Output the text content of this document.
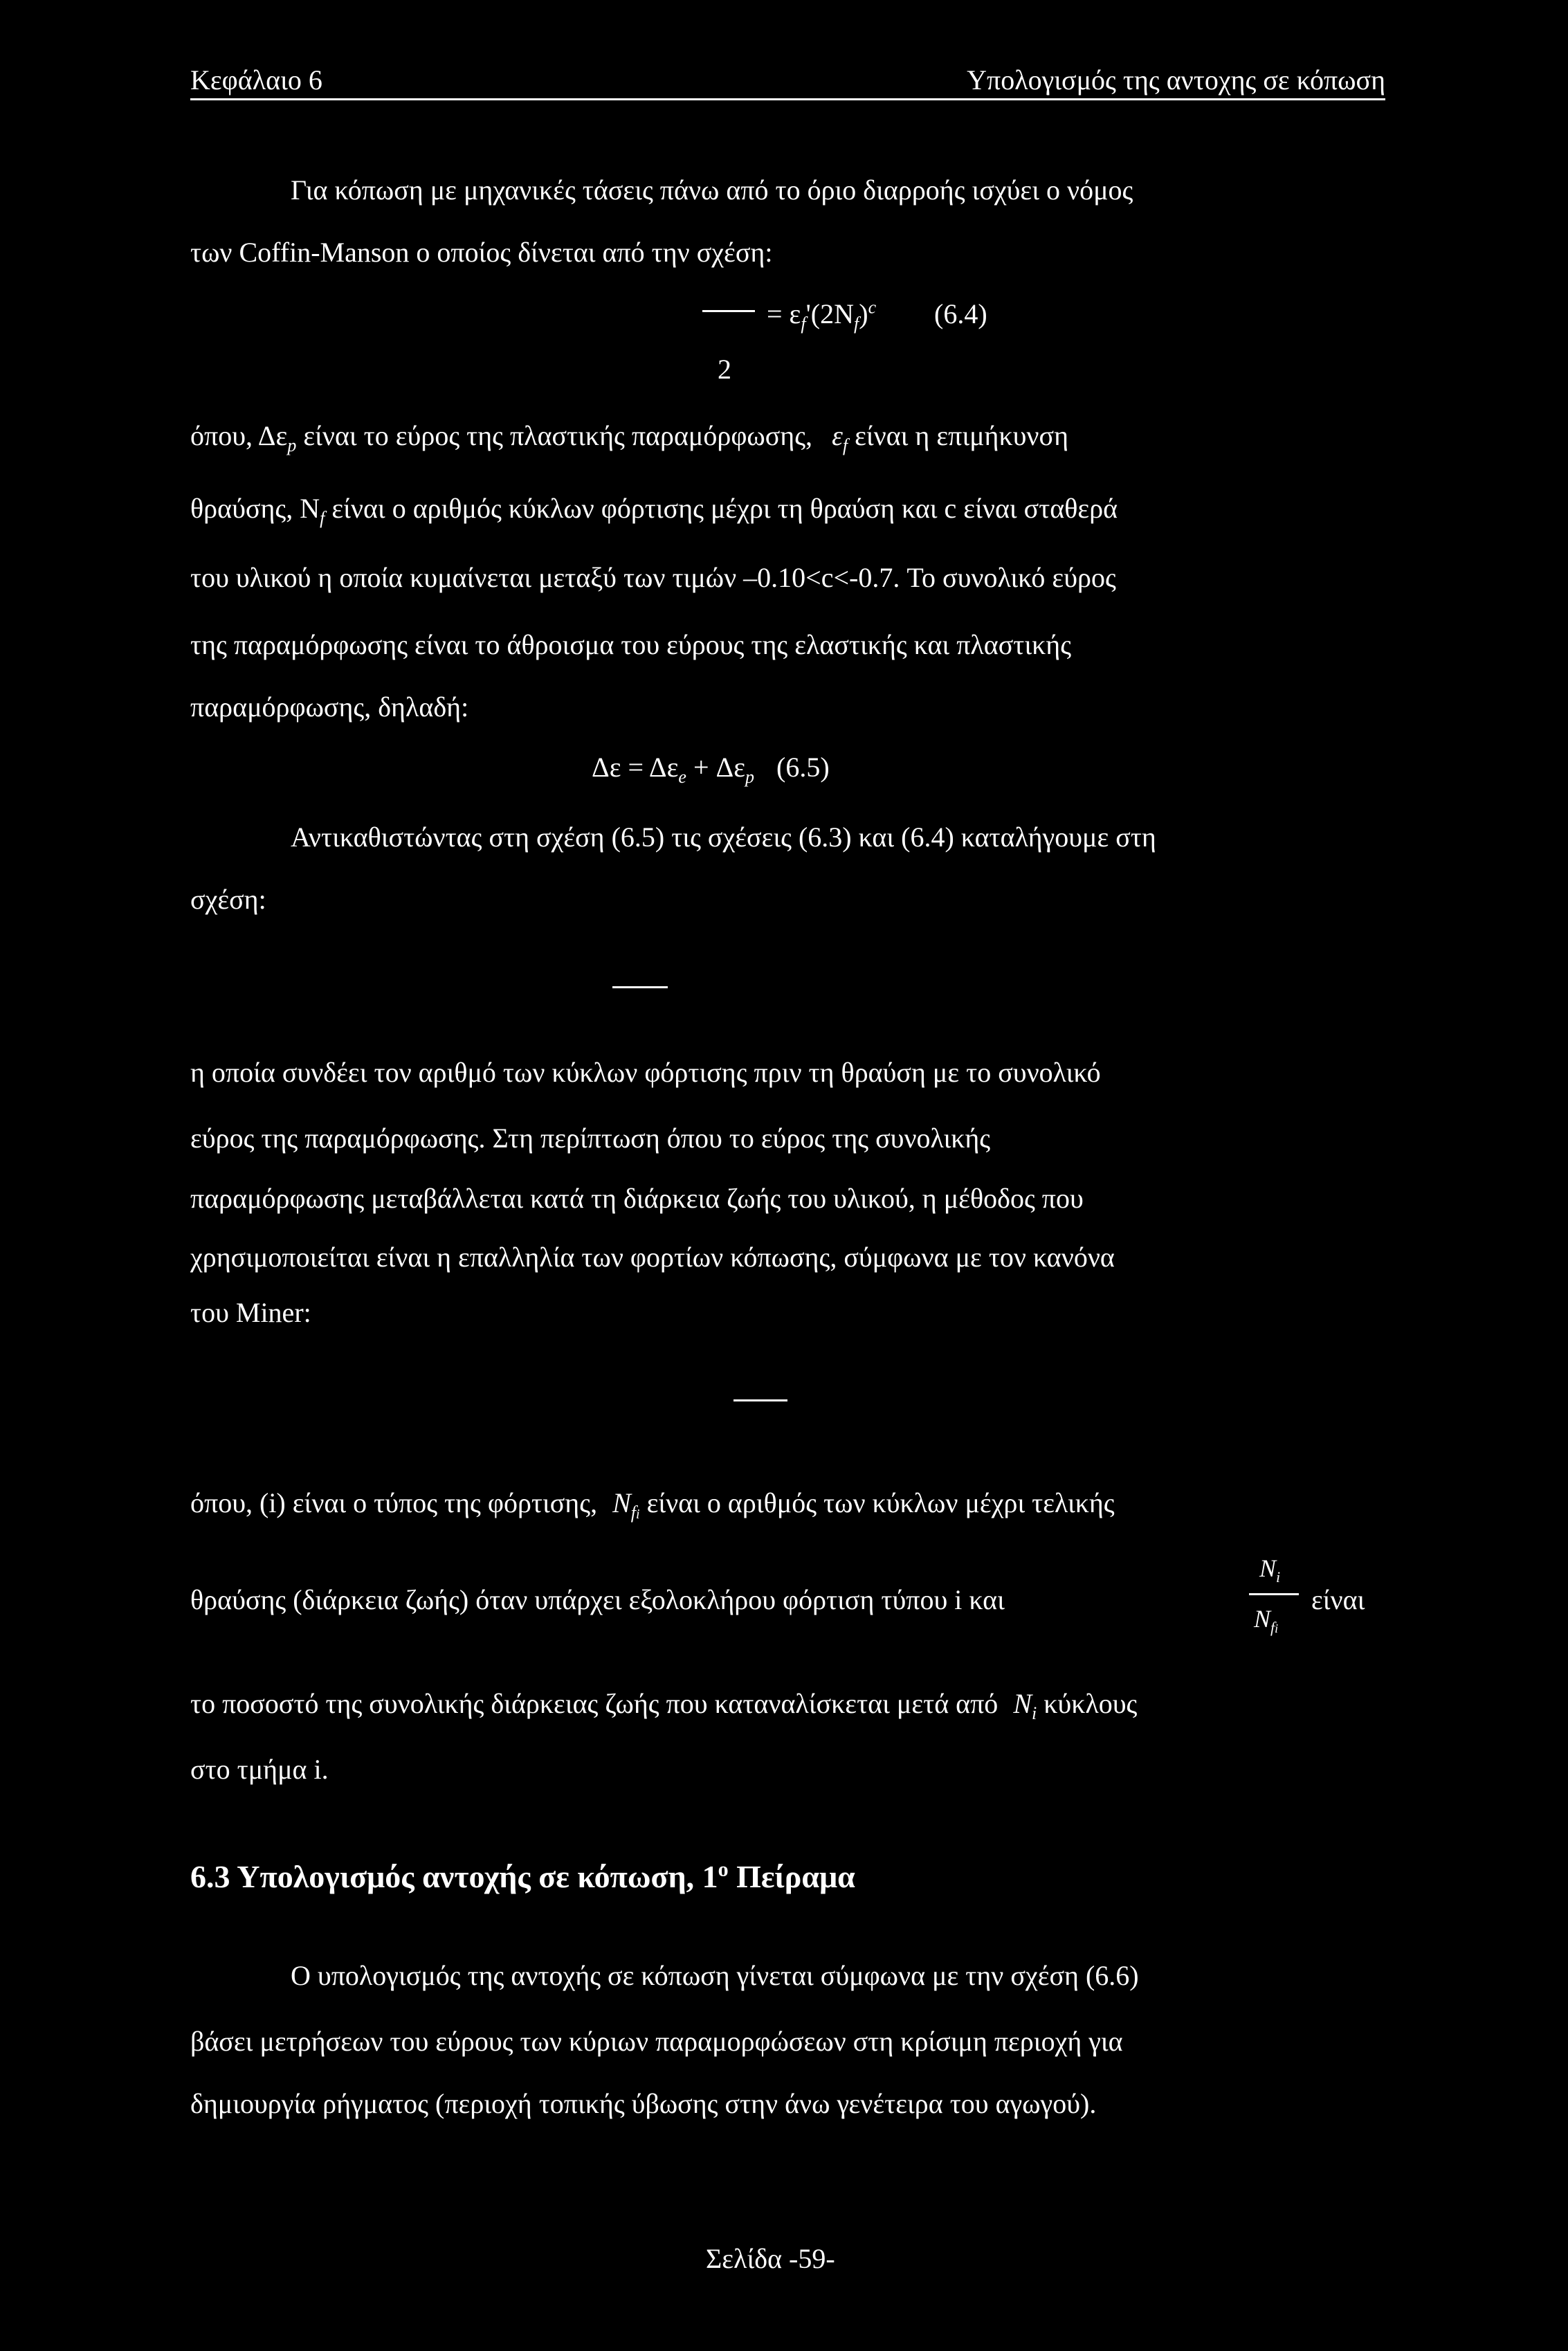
Κεφάλαιο 6	Υπολογισμός της αντοχης σε κόπωση
Για κόπωση με μηχανικές τάσεις πάνω από το όριο διαρροής ισχύει ο νόμος
των Coffin-Manson ο οποίος δίνεται από την σχέση:
2
= $\varepsilon_f'(2N_f)^c$ (6.4)
όπου, $\Delta\varepsilon_p$ είναι το εύρος της πλαστικής παραμόρφωσης, $\varepsilon_f$ είναι η επιμήκυνση
θραύσης, $N_f$ είναι ο αριθμός κύκλων φόρτισης μέχρι τη θραύση και c είναι σταθερά
του υλικού η οποία κυμαίνεται μεταξύ των τιμών –0.10<c<-0.7. Το συνολικό εύρος
της παραμόρφωσης είναι το άθροισμα του εύρους της ελαστικής και πλαστικής
παραμόρφωσης, δηλαδή:
$\Delta\varepsilon = \Delta\varepsilon_e + \Delta\varepsilon_p$ (6.5)
Αντικαθιστώντας στη σχέση (6.5) τις σχέσεις (6.3) και (6.4) καταλήγουμε στη
σχέση:
η οποία συνδέει τον αριθμό των κύκλων φόρτισης πριν τη θραύση με το συνολικό
εύρος της παραμόρφωσης. Στη περίπτωση όπου το εύρος της συνολικής
παραμόρφωσης μεταβάλλεται κατά τη διάρκεια ζωής του υλικού, η μέθοδος που
χρησιμοποιείται είναι η επαλληλία των φορτίων κόπωσης, σύμφωνα με τον κανόνα
του Miner:
όπου, (i) είναι ο τύπος της φόρτισης, $N_{fi}$ είναι ο αριθμός των κύκλων μέχρι τελικής
θραύσης (διάρκεια ζωής) όταν υπάρχει εξολοκλήρου φόρτιση τύπου i και
$N_i$
$N_{fi}$
είναι
το ποσοστό της συνολικής διάρκειας ζωής που καταναλίσκεται μετά από $N_i$ κύκλους
στο τμήμα i.
6.3 Υπολογισμός αντοχής σε κόπωση, $1^o$ Πείραμα
Ο υπολογισμός της αντοχής σε κόπωση γίνεται σύμφωνα με την σχέση (6.6)
βάσει μετρήσεων του εύρους των κύριων παραμορφώσεων στη κρίσιμη περιοχή για
δημιουργία ρήγματος (περιοχή τοπικής ύβωσης στην άνω γενέτειρα του αγωγού).
Σελίδα -59-
